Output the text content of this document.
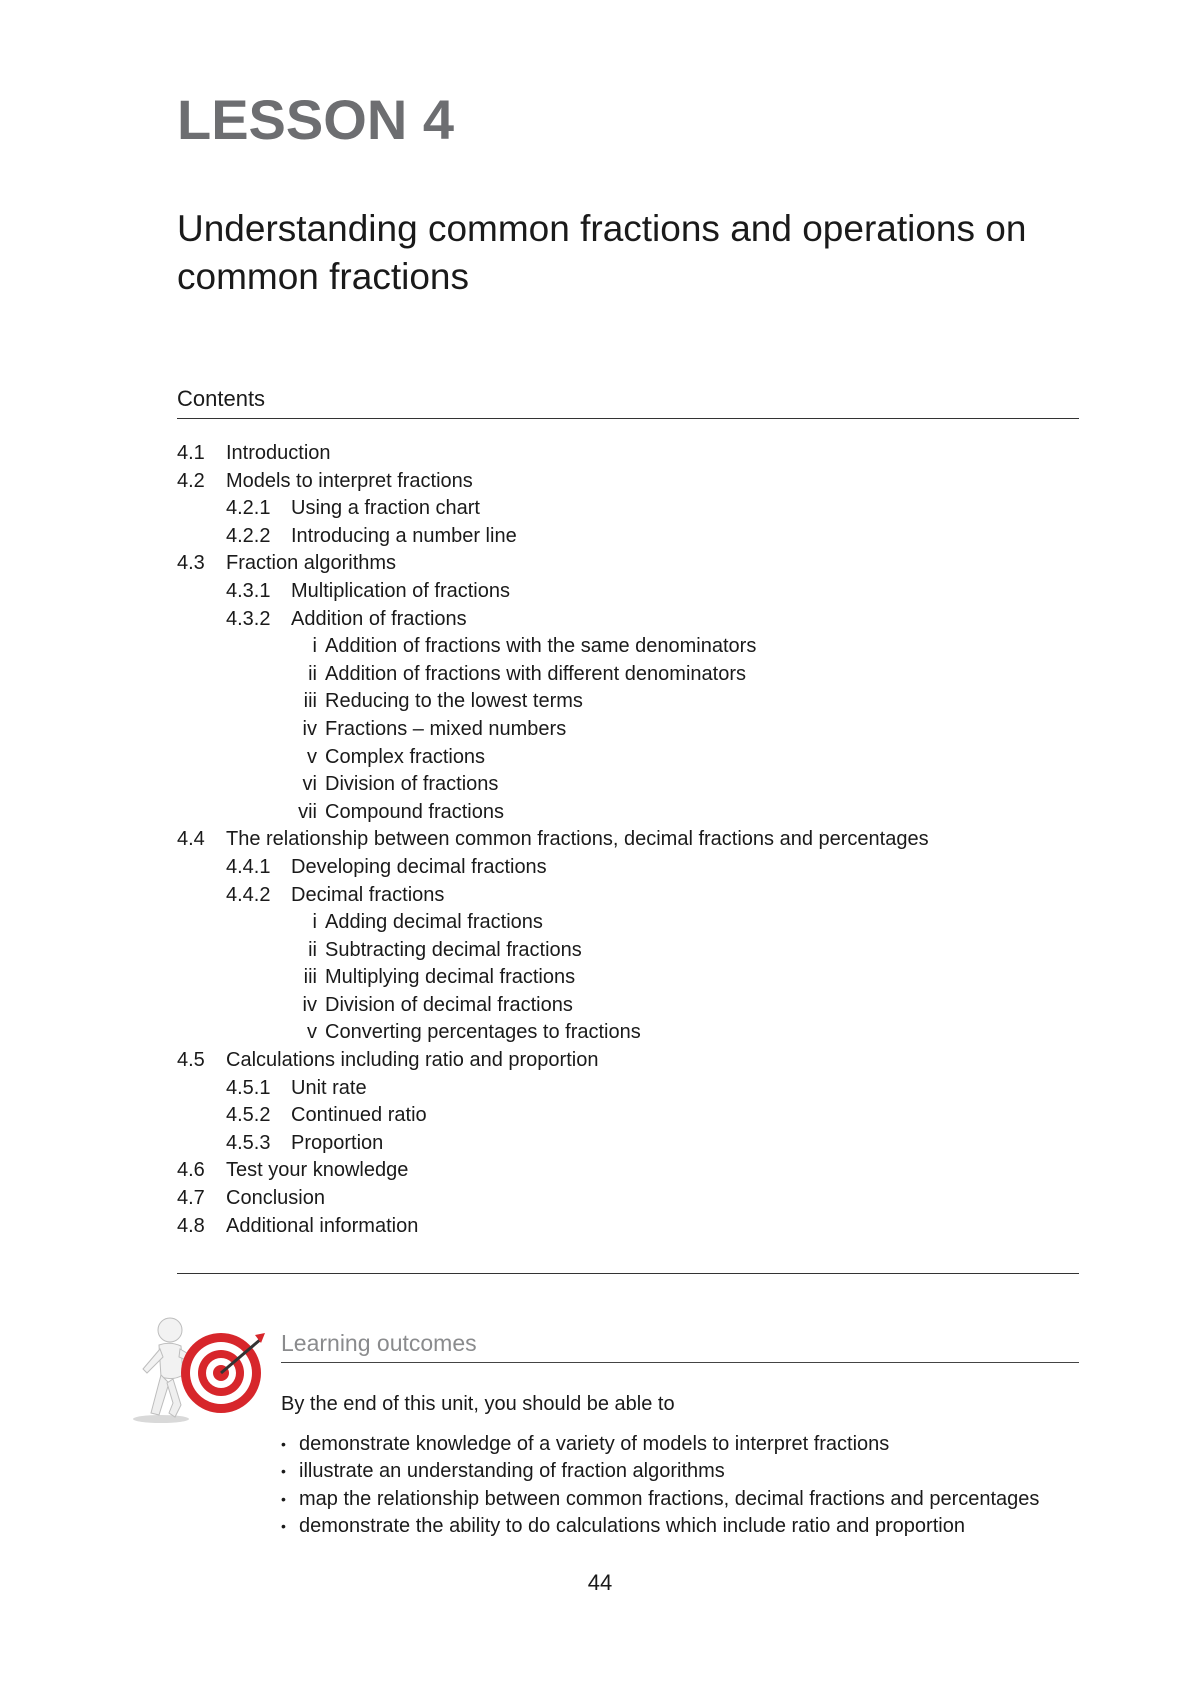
LESSON 4
Understanding common fractions and operations on common fractions
Contents
4.1 Introduction
4.2 Models to interpret fractions
4.2.1 Using a fraction chart
4.2.2 Introducing a number line
4.3 Fraction algorithms
4.3.1 Multiplication of fractions
4.3.2 Addition of fractions
i Addition of fractions with the same denominators
ii Addition of fractions with different denominators
iii Reducing to the lowest terms
iv Fractions – mixed numbers
v Complex fractions
vi Division of fractions
vii Compound fractions
4.4 The relationship between common fractions, decimal fractions and percentages
4.4.1 Developing decimal fractions
4.4.2 Decimal fractions
i Adding decimal fractions
ii Subtracting decimal fractions
iii Multiplying decimal fractions
iv Division of decimal fractions
v Converting percentages to fractions
4.5 Calculations including ratio and proportion
4.5.1 Unit rate
4.5.2 Continued ratio
4.5.3 Proportion
4.6 Test your knowledge
4.7 Conclusion
4.8 Additional information
Learning outcomes
By the end of this unit, you should be able to
• demonstrate knowledge of a variety of models to interpret fractions
• illustrate an understanding of fraction algorithms
• map the relationship between common fractions, decimal fractions and percentages
• demonstrate the ability to do calculations which include ratio and proportion
44
